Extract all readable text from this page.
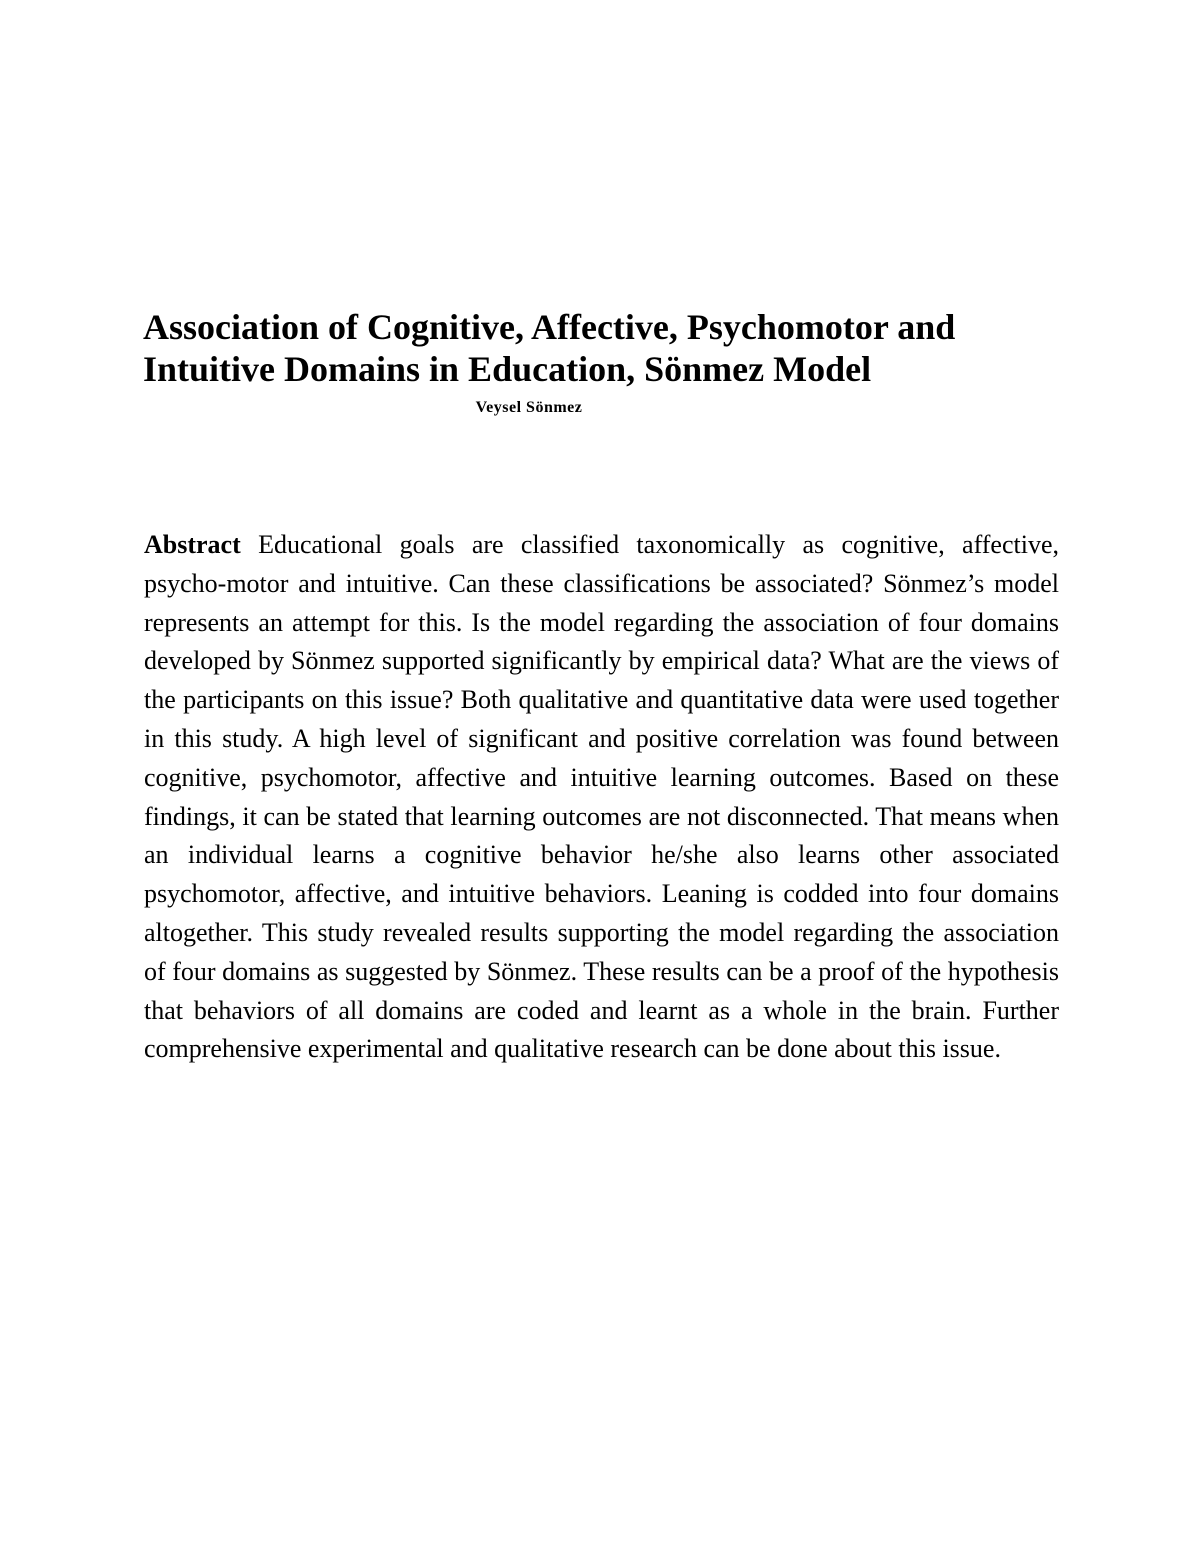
Association of Cognitive, Affective, Psychomotor and
Intuitive Domains in Education, Sönmez Model
Veysel Sönmez

Abstract Educational goals are classified taxonomically as cognitive, affective, psycho-motor and intuitive. Can these classifications be associated? Sönmez’s model represents an attempt for this. Is the model regarding the association of four domains developed by Sönmez supported significantly by empirical data? What are the views of the participants on this issue? Both qualitative and quantitative data were used together in this study. A high level of significant and positive correlation was found between cognitive, psychomotor, affective and intuitive learning outcomes. Based on these findings, it can be stated that learning outcomes are not disconnected. That means when an individual learns a cognitive behavior he/she also learns other associated psychomotor, affective, and intuitive behaviors. Leaning is codded into four domains altogether. This study revealed results supporting the model regarding the association of four domains as suggested by Sönmez. These results can be a proof of the hypothesis that behaviors of all domains are coded and learnt as a whole in the brain. Further comprehensive experimental and qualitative research can be done about this issue.
